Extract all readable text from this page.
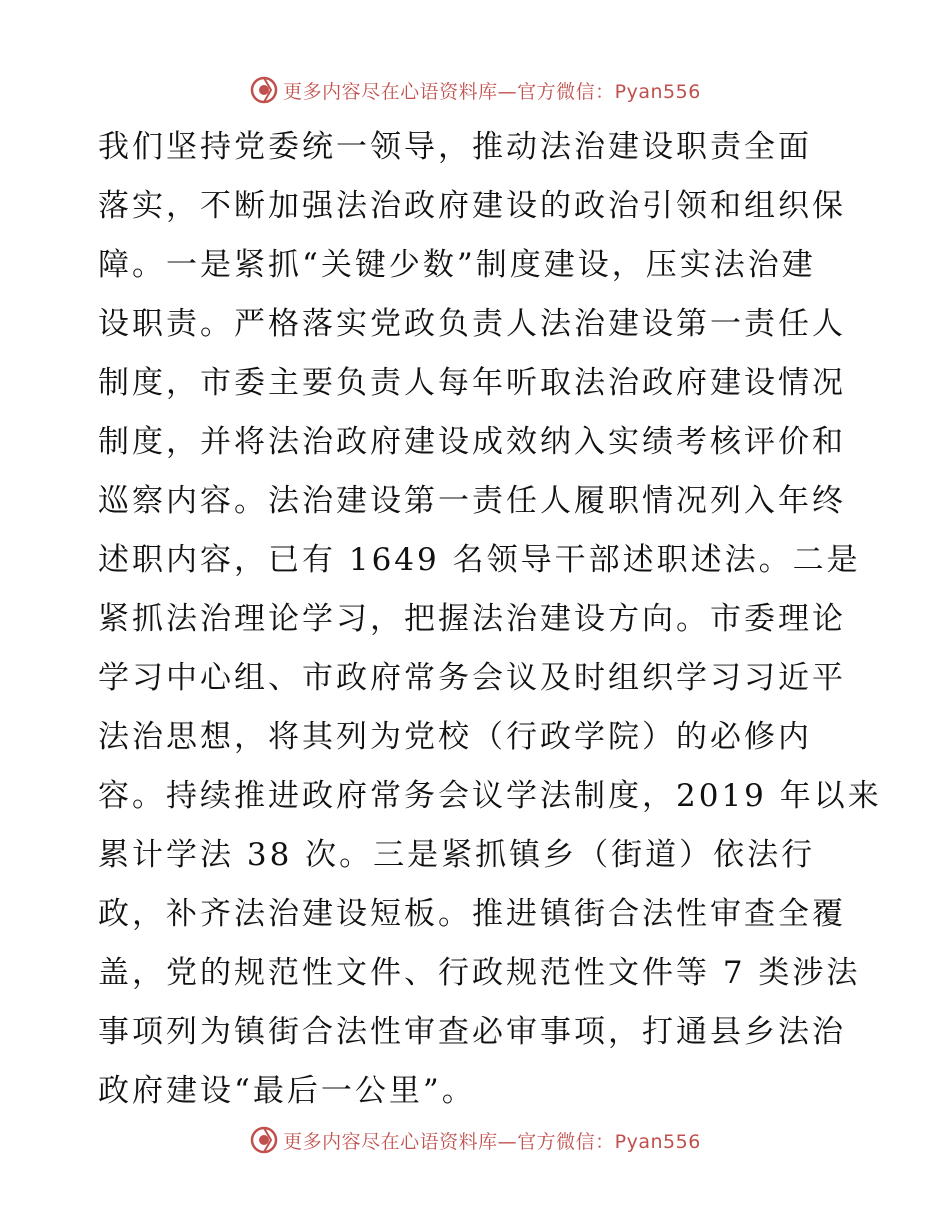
更多内容尽在心语资料库—官方微信：Pyan556
我们坚持党委统一领导，推动法治建设职责全面
落实，不断加强法治政府建设的政治引领和组织保
障。一是紧抓“关键少数”制度建设，压实法治建
设职责。严格落实党政负责人法治建设第一责任人
制度，市委主要负责人每年听取法治政府建设情况
制度，并将法治政府建设成效纳入实绩考核评价和
巡察内容。法治建设第一责任人履职情况列入年终
述职内容，已有 1649 名领导干部述职述法。二是
紧抓法治理论学习，把握法治建设方向。市委理论
学习中心组、市政府常务会议及时组织学习习近平
法治思想，将其列为党校（行政学院）的必修内
容。持续推进政府常务会议学法制度，2019 年以来
累计学法 38 次。三是紧抓镇乡（街道）依法行
政，补齐法治建设短板。推进镇街合法性审查全覆
盖，党的规范性文件、行政规范性文件等 7 类涉法
事项列为镇街合法性审查必审事项，打通县乡法治
政府建设“最后一公里”。
更多内容尽在心语资料库—官方微信：Pyan556
